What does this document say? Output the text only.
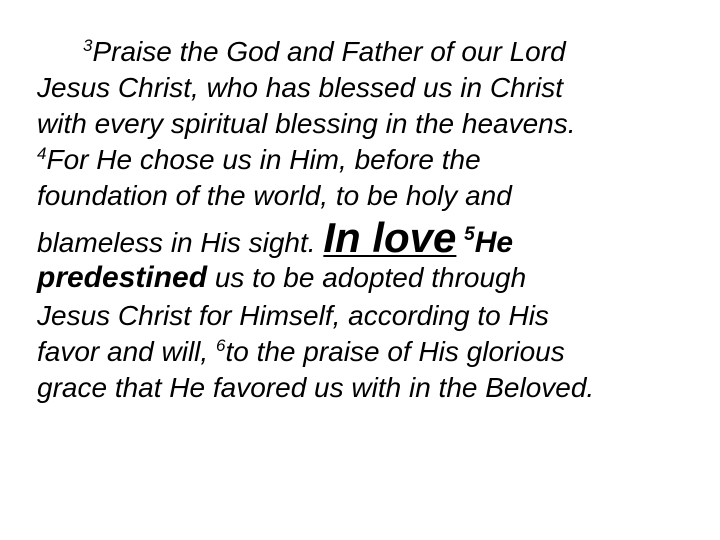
$^3$Praise the God and Father of our Lord
Jesus Christ, who has blessed us in Christ
with every spiritual blessing in the heavens.
$^4$For He chose us in Him, before the
foundation of the world, to be holy and
blameless in His sight. In love $^5$He
predestined us to be adopted through
Jesus Christ for Himself, according to His
favor and will, $^6$to the praise of His glorious
grace that He favored us with in the Beloved.
